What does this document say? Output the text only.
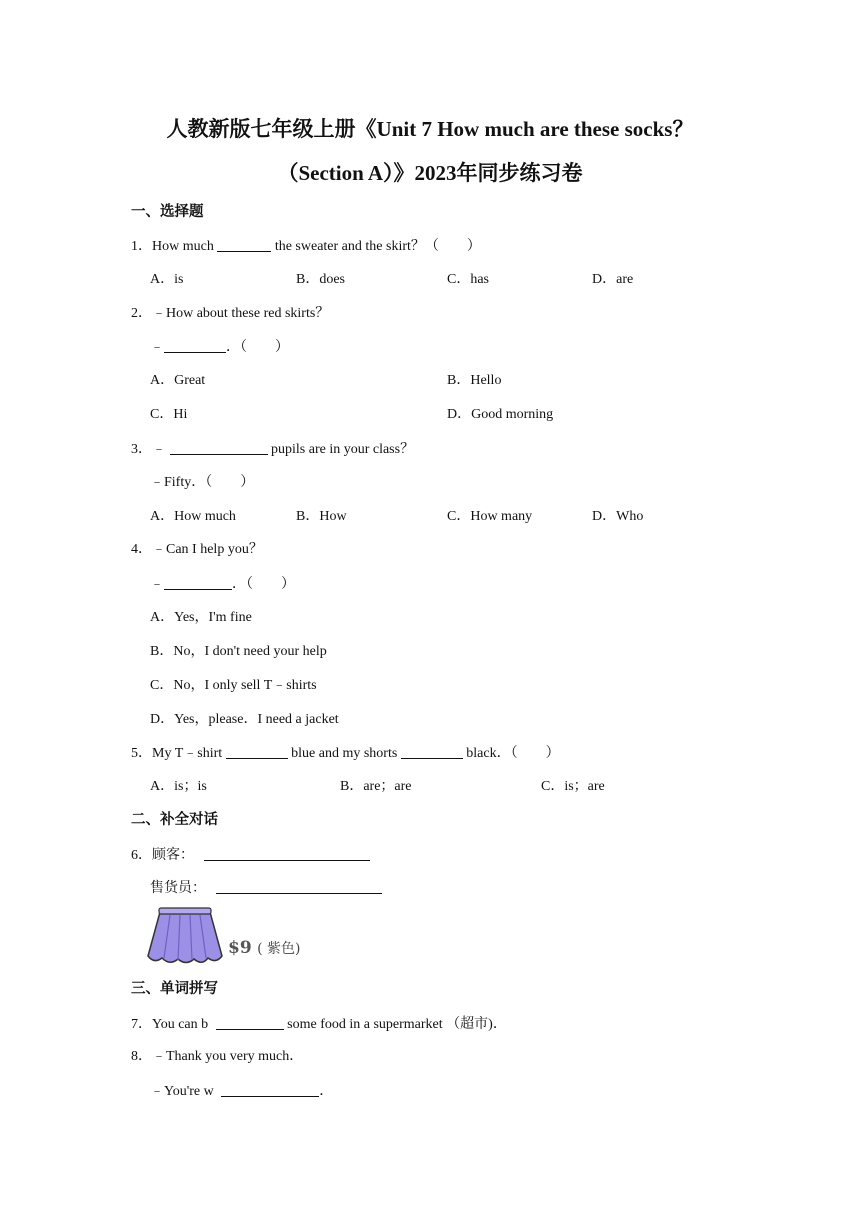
人教新版七年级上册《Unit 7 How much are these socks？
（Section A）》2023年同步练习卷
一、选择题
1．How much	the sweater and the skirt？（　　）
A．is	B．does	C．has	D．are
2．﹣How about these red skirts？
﹣	．（　　）
A．Great	B．Hello
C．Hi	D．Good morning
3．﹣	pupils are in your class？
﹣Fifty．（　　）
A．How much	B．How	C．How many	D．Who
4．﹣Can I help you？
﹣	．（　　）
A．Yes，I'm fine
B．No，I don't need your help
C．No，I only sell T﹣shirts
D．Yes，please．I need a jacket
5．My T﹣shirt	blue and my shorts	black．（　　）
A．is；is	B．are；are	C．is；are
二、补全对话
6．顾客：
售货员：
$9 ( 紫色)
三、单词拼写
7．You can b	some food in a supermarket （超市)．
8．﹣Thank you very much．
﹣You're w	．
